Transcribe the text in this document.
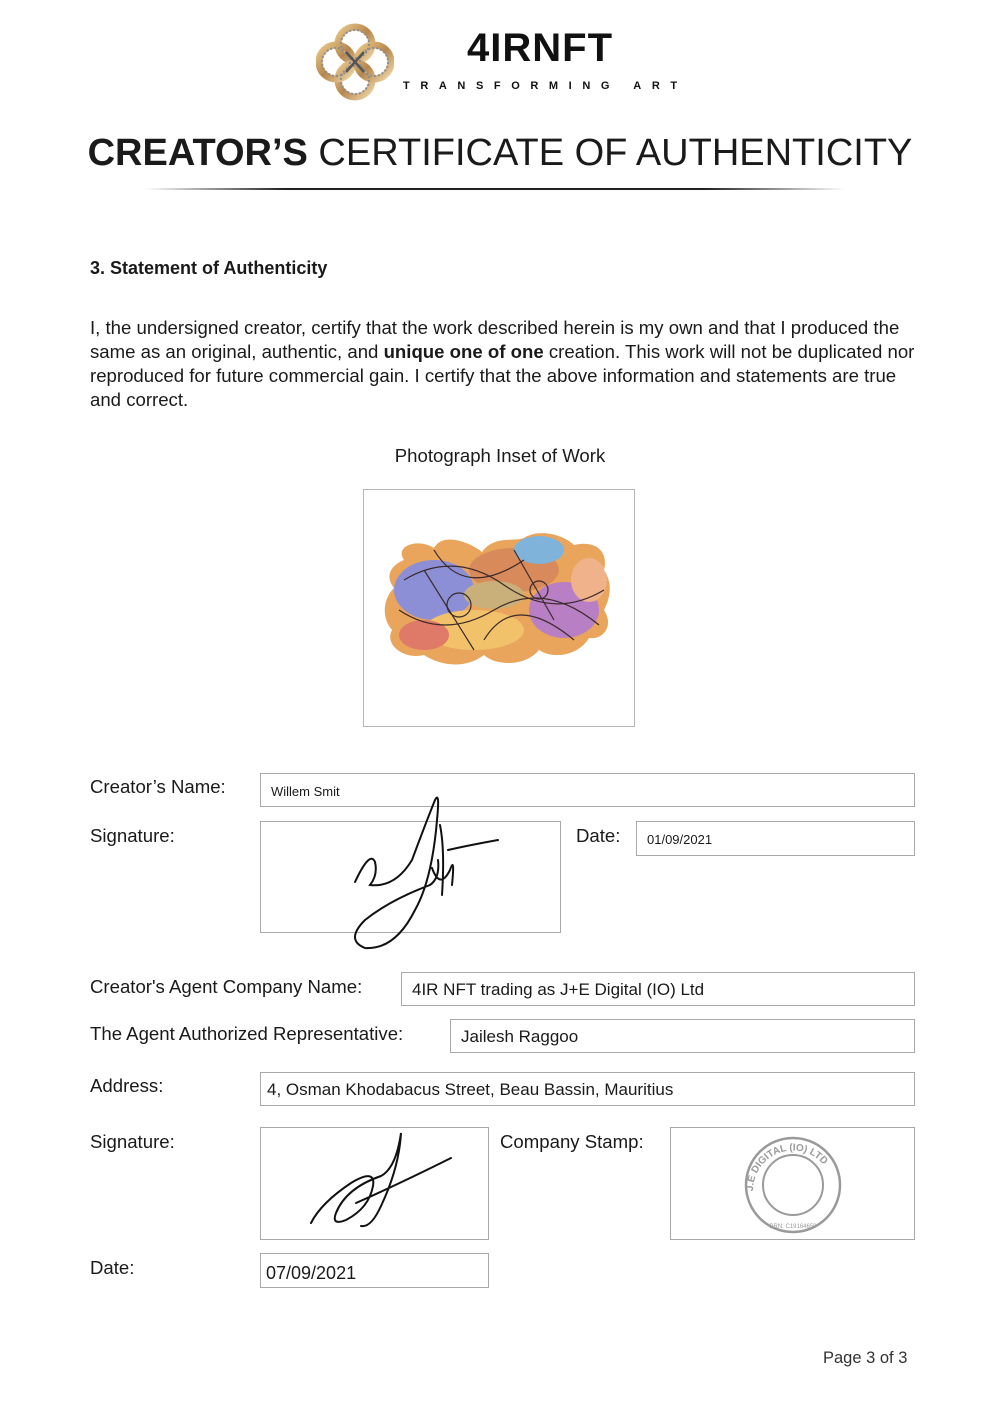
4IRNFT
TRANSFORMING ART
CREATOR’S CERTIFICATE OF AUTHENTICITY
3. Statement of Authenticity
I, the undersigned creator, certify that the work described herein is my own and that I produced the same as an original, authentic, and unique one of one creation. This work will not be duplicated nor reproduced for future commercial gain. I certify that the above information and statements are true and correct.
Photograph Inset of Work
Creator’s Name:	Willem Smit
Signature:	Date: 01/09/2021
Creator's Agent Company Name:	4IR NFT trading as J+E Digital (IO) Ltd
The Agent Authorized Representative:	Jailesh Raggoo
Address:	4, Osman Khodabacus Street, Beau Bassin, Mauritius
Signature:	Company Stamp:
J.E DIGITAL (IO) LTD
BRN: C19164659
Date:	07/09/2021
Page 3 of 3
